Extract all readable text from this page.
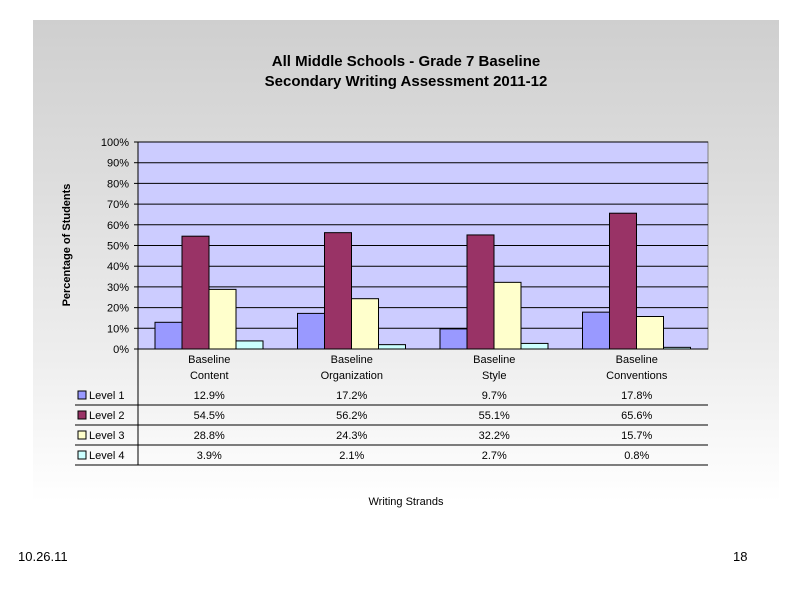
All Middle Schools - Grade 7 Baseline
Secondary Writing Assessment 2011-12
0%
10%
20%
30%
40%
50%
60%
70%
80%
90%
100%
Baseline
Content
Baseline
Organization
Baseline
Style
Baseline
Conventions
Level 1	12.9%	17.2%	9.7%	17.8%
Level 2	54.5%	56.2%	55.1%	65.6%
Level 3	28.8%	24.3%	32.2%	15.7%
Level 4	3.9%	2.1%	2.7%	0.8%
Percentage of Students
Writing Strands
10.26.11	18
